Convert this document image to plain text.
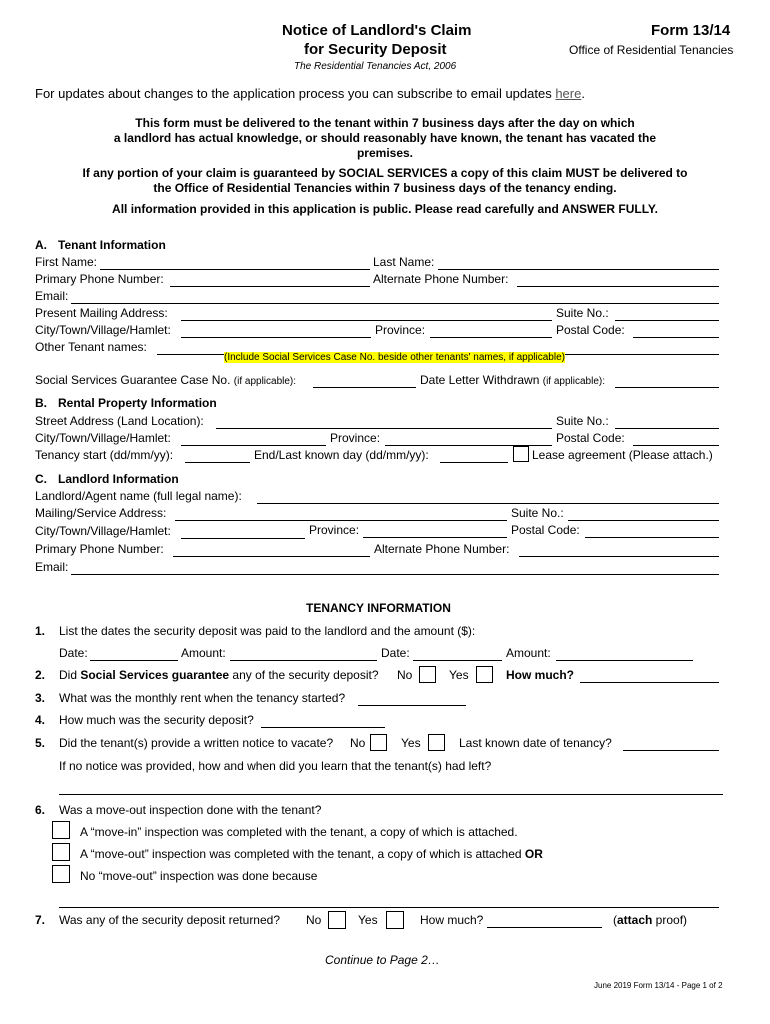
Notice of Landlord's Claim
for Security Deposit
The Residential Tenancies Act, 2006
Form 13/14
Office of Residential Tenancies
For updates about changes to the application process you can subscribe to email updates here.
This form must be delivered to the tenant within 7 business days after the day on which
a landlord has actual knowledge, or should reasonably have known, the tenant has vacated the
premises.
If any portion of your claim is guaranteed by SOCIAL SERVICES a copy of this claim MUST be delivered to
the Office of Residential Tenancies within 7 business days of the tenancy ending.
All information provided in this application is public. Please read carefully and ANSWER FULLY.
A. Tenant Information
First Name:	Last Name:
Primary Phone Number:	Alternate Phone Number:
Email:
Present Mailing Address:	Suite No.:
City/Town/Village/Hamlet:	Province:	Postal Code:
Other Tenant names:
(Include Social Services Case No. beside other tenants' names, if applicable)
Social Services Guarantee Case No. (if applicable):	Date Letter Withdrawn (if applicable):
B. Rental Property Information
Street Address (Land Location):	Suite No.:
City/Town/Village/Hamlet:	Province:	Postal Code:
Tenancy start (dd/mm/yy):	End/Last known day (dd/mm/yy):	Lease agreement (Please attach.)
C. Landlord Information
Landlord/Agent name (full legal name):
Mailing/Service Address:	Suite No.:
City/Town/Village/Hamlet:	Province:	Postal Code:
Primary Phone Number:	Alternate Phone Number:
Email:
TENANCY INFORMATION
1. List the dates the security deposit was paid to the landlord and the amount ($):
Date:	Amount:	Date:	Amount:
2. Did Social Services guarantee any of the security deposit? No	Yes	How much?
3. What was the monthly rent when the tenancy started?
4. How much was the security deposit?
5. Did the tenant(s) provide a written notice to vacate? No	Yes	Last known date of tenancy?
If no notice was provided, how and when did you learn that the tenant(s) had left?
6. Was a move-out inspection done with the tenant?
A “move-in” inspection was completed with the tenant, a copy of which is attached.
A “move-out” inspection was completed with the tenant, a copy of which is attached OR
No “move-out” inspection was done because
7. Was any of the security deposit returned? No	Yes	How much?	(attach proof)
Continue to Page 2…
June 2019 Form 13/14 - Page 1 of 2
